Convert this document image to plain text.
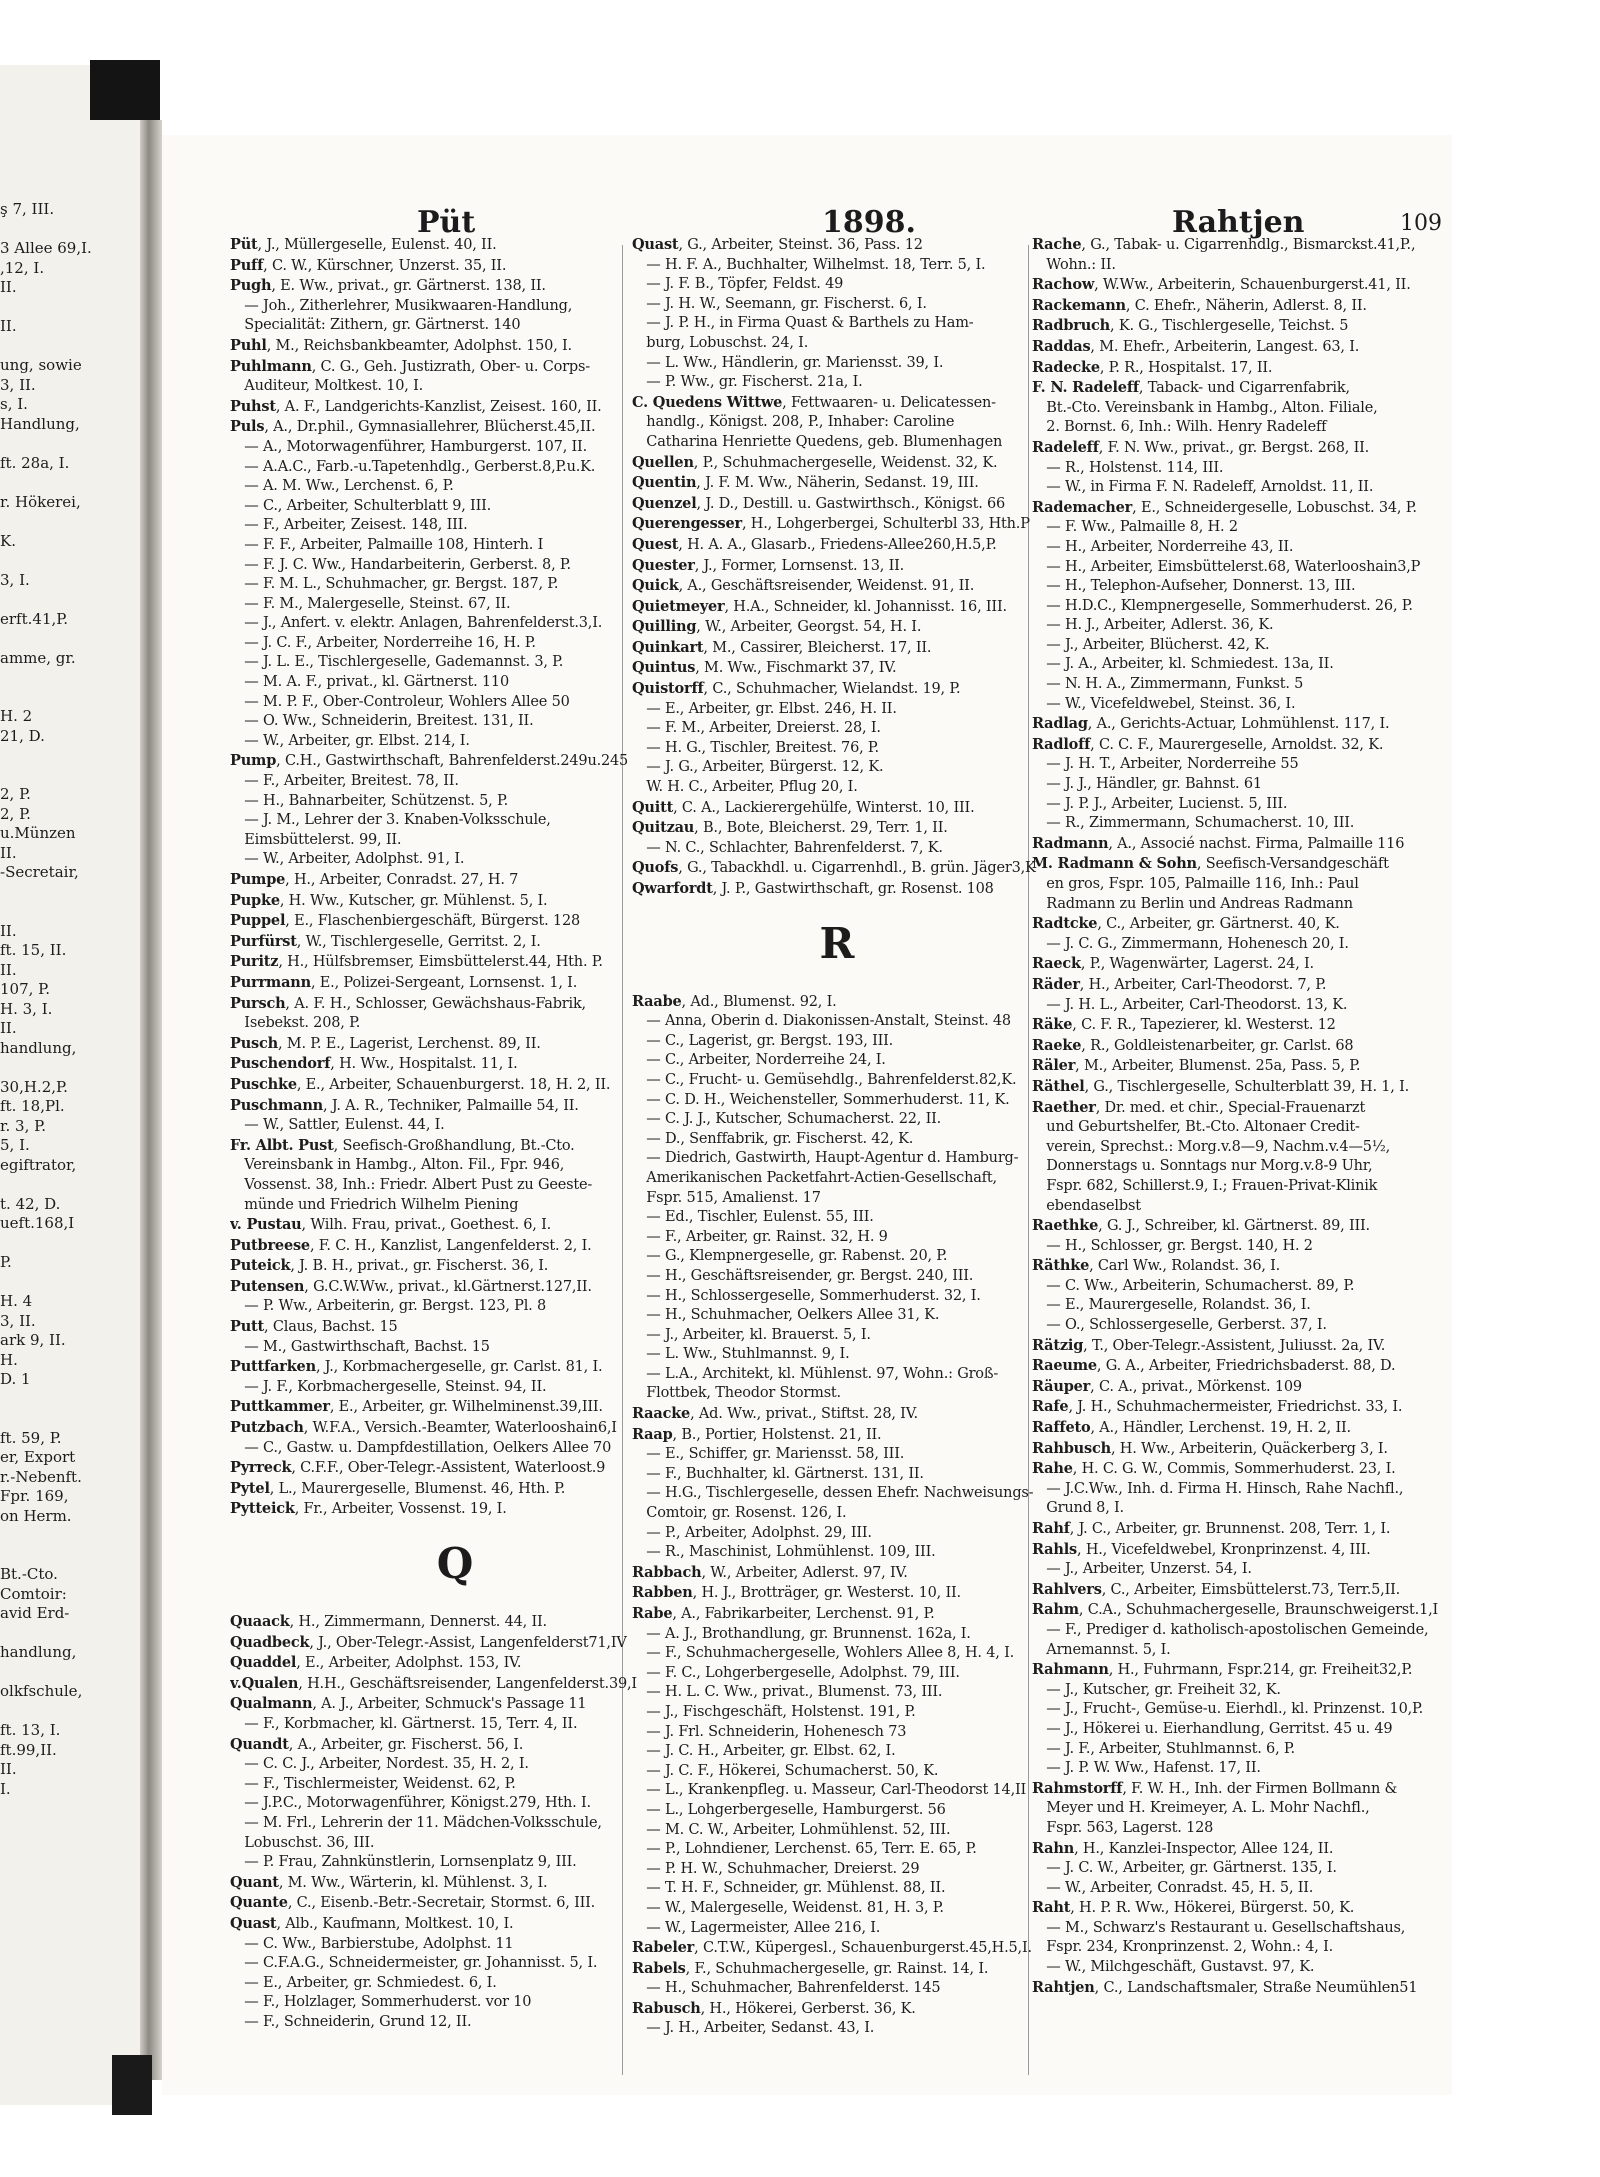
ş 7, III.

3 Allee 69,I.
,12, I.
II.

II.

ung, sowie
3, II.
s, I.
Handlung,

ft. 28a, I.

r. Hökerei,

K.

3, I.

erft.41,P.

amme, gr.

H. 2
21, D.

2, P.
2, P.
u.Münzen
II.
-Secretair,

II.
ft. 15, II.
II.
107, P.
H. 3, I.
II.
handlung,

30,H.2,P.
ft. 18,Pl.
r. 3, P.
5, I.
egiftrator,

t. 42, D.
ueft.168,I

P.

H. 4
3, II.
ark 9, II.
H.
D. 1

ft. 59, P.
er, Export
r.-Nebenft.
Fpr. 169,
on Herm.

Bt.-Cto.
Comtoir:
avid Erd-

handlung,

olkfschule,

ft. 13, I.
ft.99,II.
II.
I.
Püt	1898.	Rahtjen	109
Püt, J., Müllergeselle, Eulenst. 40, II.
Puff, C. W., Kürschner, Unzerst. 35, II.
Pugh, E. Ww., privat., gr. Gärtnerst. 138, II.
 — Joh., Zitherlehrer, Musikwaaren-Handlung,
 Specialität: Zithern, gr. Gärtnerst. 140
Puhl, M., Reichsbankbeamter, Adolphst. 150, I.
Puhlmann, C. G., Geh. Justizrath, Ober- u. Corps-
 Auditeur, Moltkest. 10, I.
Puhst, A. F., Landgerichts-Kanzlist, Zeisest. 160, II.
Puls, A., Dr.phil., Gymnasiallehrer, Blücherst.45,II.
 — A., Motorwagenführer, Hamburgerst. 107, II.
 — A.A.C., Farb.-u.Tapetenhdlg., Gerberst.8,P.u.K.
 — A. M. Ww., Lerchenst. 6, P.
 — C., Arbeiter, Schulterblatt 9, III.
 — F., Arbeiter, Zeisest. 148, III.
 — F. F., Arbeiter, Palmaille 108, Hinterh. I
 — F. J. C. Ww., Handarbeiterin, Gerberst. 8, P.
 — F. M. L., Schuhmacher, gr. Bergst. 187, P.
 — F. M., Malergeselle, Steinst. 67, II.
 — J., Anfert. v. elektr. Anlagen, Bahrenfelderst.3,I.
 — J. C. F., Arbeiter, Norderreihe 16, H. P.
 — J. L. E., Tischlergeselle, Gademannst. 3, P.
 — M. A. F., privat., kl. Gärtnerst. 110
 — M. P. F., Ober-Controleur, Wohlers Allee 50
 — O. Ww., Schneiderin, Breitest. 131, II.
 — W., Arbeiter, gr. Elbst. 214, I.
Pump, C.H., Gastwirthschaft, Bahrenfelderst.249u.245
 — F., Arbeiter, Breitest. 78, II.
 — H., Bahnarbeiter, Schützenst. 5, P.
 — J. M., Lehrer der 3. Knaben-Volksschule,
 Eimsbüttelerst. 99, II.
 — W., Arbeiter, Adolphst. 91, I.
Pumpe, H., Arbeiter, Conradst. 27, H. 7
Pupke, H. Ww., Kutscher, gr. Mühlenst. 5, I.
Puppel, E., Flaschenbiergeschäft, Bürgerst. 128
Purfürst, W., Tischlergeselle, Gerritst. 2, I.
Puritz, H., Hülfsbremser, Eimsbüttelerst.44, Hth. P.
Purrmann, E., Polizei-Sergeant, Lornsenst. 1, I.
Pursch, A. F. H., Schlosser, Gewächshaus-Fabrik,
 Isebekst. 208, P.
Pusch, M. P. E., Lagerist, Lerchenst. 89, II.
Puschendorf, H. Ww., Hospitalst. 11, I.
Puschke, E., Arbeiter, Schauenburgerst. 18, H. 2, II.
Puschmann, J. A. R., Techniker, Palmaille 54, II.
 — W., Sattler, Eulenst. 44, I.
Fr. Albt. Pust, Seefisch-Großhandlung, Bt.-Cto.
 Vereinsbank in Hambg., Alton. Fil., Fpr. 946,
 Vossenst. 38, Inh.: Friedr. Albert Pust zu Geeste-
 münde und Friedrich Wilhelm Piening
v. Pustau, Wilh. Frau, privat., Goethest. 6, I.
Putbreese, F. C. H., Kanzlist, Langenfelderst. 2, I.
Puteick, J. B. H., privat., gr. Fischerst. 36, I.
Putensen, G.C.W.Ww., privat., kl.Gärtnerst.127,II.
 — P. Ww., Arbeiterin, gr. Bergst. 123, Pl. 8
Putt, Claus, Bachst. 15
 — M., Gastwirthschaft, Bachst. 15
Puttfarken, J., Korbmachergeselle, gr. Carlst. 81, I.
 — J. F., Korbmachergeselle, Steinst. 94, II.
Puttkammer, E., Arbeiter, gr. Wilhelminenst.39,III.
Putzbach, W.F.A., Versich.-Beamter, Waterlooshain6,I
 — C., Gastw. u. Dampfdestillation, Oelkers Allee 70
Pyrreck, C.F.F., Ober-Telegr.-Assistent, Waterloost.9
Pytel, L., Maurergeselle, Blumenst. 46, Hth. P.
Pytteick, Fr., Arbeiter, Vossenst. 19, I.
Q
Quaack, H., Zimmermann, Dennerst. 44, II.
Quadbeck, J., Ober-Telegr.-Assist, Langenfelderst71,IV
Quaddel, E., Arbeiter, Adolphst. 153, IV.
v.Qualen, H.H., Geschäftsreisender, Langenfelderst.39,I
Qualmann, A. J., Arbeiter, Schmuck's Passage 11
 — F., Korbmacher, kl. Gärtnerst. 15, Terr. 4, II.
Quandt, A., Arbeiter, gr. Fischerst. 56, I.
 — C. C. J., Arbeiter, Nordest. 35, H. 2, I.
 — F., Tischlermeister, Weidenst. 62, P.
 — J.P.C., Motorwagenführer, Königst.279, Hth. I.
 — M. Frl., Lehrerin der 11. Mädchen-Volksschule,
 Lobuschst. 36, III.
 — P. Frau, Zahnkünstlerin, Lornsenplatz 9, III.
Quant, M. Ww., Wärterin, kl. Mühlenst. 3, I.
Quante, C., Eisenb.-Betr.-Secretair, Stormst. 6, III.
Quast, Alb., Kaufmann, Moltkest. 10, I.
 — C. Ww., Barbierstube, Adolphst. 11
 — C.F.A.G., Schneidermeister, gr. Johannisst. 5, I.
 — E., Arbeiter, gr. Schmiedest. 6, I.
 — F., Holzlager, Sommerhuderst. vor 10
 — F., Schneiderin, Grund 12, II.
Quast, G., Arbeiter, Steinst. 36, Pass. 12
 — H. F. A., Buchhalter, Wilhelmst. 18, Terr. 5, I.
 — J. F. B., Töpfer, Feldst. 49
 — J. H. W., Seemann, gr. Fischerst. 6, I.
 — J. P. H., in Firma Quast & Barthels zu Ham-
 burg, Lobuschst. 24, I.
 — L. Ww., Händlerin, gr. Mariensst. 39, I.
 — P. Ww., gr. Fischerst. 21a, I.
C. Quedens Wittwe, Fettwaaren- u. Delicatessen-
 handlg., Königst. 208, P., Inhaber: Caroline
 Catharina Henriette Quedens, geb. Blumenhagen
Quellen, P., Schuhmachergeselle, Weidenst. 32, K.
Quentin, J. F. M. Ww., Näherin, Sedanst. 19, III.
Quenzel, J. D., Destill. u. Gastwirthsch., Königst. 66
Querengesser, H., Lohgerbergei, Schulterbl 33, Hth.P
Quest, H. A. A., Glasarb., Friedens-Allee260,H.5,P.
Quester, J., Former, Lornsenst. 13, II.
Quick, A., Geschäftsreisender, Weidenst. 91, II.
Quietmeyer, H.A., Schneider, kl. Johannisst. 16, III.
Quilling, W., Arbeiter, Georgst. 54, H. I.
Quinkart, M., Cassirer, Bleicherst. 17, II.
Quintus, M. Ww., Fischmarkt 37, IV.
Quistorff, C., Schuhmacher, Wielandst. 19, P.
 — E., Arbeiter, gr. Elbst. 246, H. II.
 — F. M., Arbeiter, Dreierst. 28, I.
 — H. G., Tischler, Breitest. 76, P.
 — J. G., Arbeiter, Bürgerst. 12, K.
 W. H. C., Arbeiter, Pflug 20, I.
Quitt, C. A., Lackierergehülfe, Winterst. 10, III.
Quitzau, B., Bote, Bleicherst. 29, Terr. 1, II.
 — N. C., Schlachter, Bahrenfelderst. 7, K.
Quofs, G., Tabackhdl. u. Cigarrenhdl., B. grün. Jäger3,K
Qwarfordt, J. P., Gastwirthschaft, gr. Rosenst. 108
R
Raabe, Ad., Blumenst. 92, I.
 — Anna, Oberin d. Diakonissen-Anstalt, Steinst. 48
 — C., Lagerist, gr. Bergst. 193, III.
 — C., Arbeiter, Norderreihe 24, I.
 — C., Frucht- u. Gemüsehdlg., Bahrenfelderst.82,K.
 — C. D. H., Weichensteller, Sommerhuderst. 11, K.
 — C. J. J., Kutscher, Schumacherst. 22, II.
 — D., Senffabrik, gr. Fischerst. 42, K.
 — Diedrich, Gastwirth, Haupt-Agentur d. Hamburg-
 Amerikanischen Packetfahrt-Actien-Gesellschaft,
 Fspr. 515, Amalienst. 17
 — Ed., Tischler, Eulenst. 55, III.
 — F., Arbeiter, gr. Rainst. 32, H. 9
 — G., Klempnergeselle, gr. Rabenst. 20, P.
 — H., Geschäftsreisender, gr. Bergst. 240, III.
 — H., Schlossergeselle, Sommerhuderst. 32, I.
 — H., Schuhmacher, Oelkers Allee 31, K.
 — J., Arbeiter, kl. Brauerst. 5, I.
 — L. Ww., Stuhlmannst. 9, I.
 — L.A., Architekt, kl. Mühlenst. 97, Wohn.: Groß-
 Flottbek, Theodor Stormst.
Raacke, Ad. Ww., privat., Stiftst. 28, IV.
Raap, B., Portier, Holstenst. 21, II.
 — E., Schiffer, gr. Mariensst. 58, III.
 — F., Buchhalter, kl. Gärtnerst. 131, II.
 — H.G., Tischlergeselle, dessen Ehefr. Nachweisungs-
 Comtoir, gr. Rosenst. 126, I.
 — P., Arbeiter, Adolphst. 29, III.
 — R., Maschinist, Lohmühlenst. 109, III.
Rabbach, W., Arbeiter, Adlerst. 97, IV.
Rabben, H. J., Brotträger, gr. Westerst. 10, II.
Rabe, A., Fabrikarbeiter, Lerchenst. 91, P.
 — A. J., Brothandlung, gr. Brunnenst. 162a, I.
 — F., Schuhmachergeselle, Wohlers Allee 8, H. 4, I.
 — F. C., Lohgerbergeselle, Adolphst. 79, III.
 — H. L. C. Ww., privat., Blumenst. 73, III.
 — J., Fischgeschäft, Holstenst. 191, P.
 — J. Frl. Schneiderin, Hohenesch 73
 — J. C. H., Arbeiter, gr. Elbst. 62, I.
 — J. C. F., Hökerei, Schumacherst. 50, K.
 — L., Krankenpfleg. u. Masseur, Carl-Theodorst 14,II
 — L., Lohgerbergeselle, Hamburgerst. 56
 — M. C. W., Arbeiter, Lohmühlenst. 52, III.
 — P., Lohndiener, Lerchenst. 65, Terr. E. 65, P.
 — P. H. W., Schuhmacher, Dreierst. 29
 — T. H. F., Schneider, gr. Mühlenst. 88, II.
 — W., Malergeselle, Weidenst. 81, H. 3, P.
 — W., Lagermeister, Allee 216, I.
Rabeler, C.T.W., Küpergesl., Schauenburgerst.45,H.5,I.
Rabels, F., Schuhmachergeselle, gr. Rainst. 14, I.
 — H., Schuhmacher, Bahrenfelderst. 145
Rabusch, H., Hökerei, Gerberst. 36, K.
 — J. H., Arbeiter, Sedanst. 43, I.
Rache, G., Tabak- u. Cigarrenhdlg., Bismarckst.41,P.,
 Wohn.: II.
Rachow, W.Ww., Arbeiterin, Schauenburgerst.41, II.
Rackemann, C. Ehefr., Näherin, Adlerst. 8, II.
Radbruch, K. G., Tischlergeselle, Teichst. 5
Raddas, M. Ehefr., Arbeiterin, Langest. 63, I.
Radecke, P. R., Hospitalst. 17, II.
F. N. Radeleff, Taback- und Cigarrenfabrik,
 Bt.-Cto. Vereinsbank in Hambg., Alton. Filiale,
 2. Bornst. 6, Inh.: Wilh. Henry Radeleff
Radeleff, F. N. Ww., privat., gr. Bergst. 268, II.
 — R., Holstenst. 114, III.
 — W., in Firma F. N. Radeleff, Arnoldst. 11, II.
Rademacher, E., Schneidergeselle, Lobuschst. 34, P.
 — F. Ww., Palmaille 8, H. 2
 — H., Arbeiter, Norderreihe 43, II.
 — H., Arbeiter, Eimsbüttelerst.68, Waterlooshain3,P
 — H., Telephon-Aufseher, Donnerst. 13, III.
 — H.D.C., Klempnergeselle, Sommerhuderst. 26, P.
 — H. J., Arbeiter, Adlerst. 36, K.
 — J., Arbeiter, Blücherst. 42, K.
 — J. A., Arbeiter, kl. Schmiedest. 13a, II.
 — N. H. A., Zimmermann, Funkst. 5
 — W., Vicefeldwebel, Steinst. 36, I.
Radlag, A., Gerichts-Actuar, Lohmühlenst. 117, I.
Radloff, C. C. F., Maurergeselle, Arnoldst. 32, K.
 — J. H. T., Arbeiter, Norderreihe 55
 — J. J., Händler, gr. Bahnst. 61
 — J. P. J., Arbeiter, Lucienst. 5, III.
 — R., Zimmermann, Schumacherst. 10, III.
Radmann, A., Associé nachst. Firma, Palmaille 116
M. Radmann & Sohn, Seefisch-Versandgeschäft
 en gros, Fspr. 105, Palmaille 116, Inh.: Paul
 Radmann zu Berlin und Andreas Radmann
Radtcke, C., Arbeiter, gr. Gärtnerst. 40, K.
 — J. C. G., Zimmermann, Hohenesch 20, I.
Raeck, P., Wagenwärter, Lagerst. 24, I.
Räder, H., Arbeiter, Carl-Theodorst. 7, P.
 — J. H. L., Arbeiter, Carl-Theodorst. 13, K.
Räke, C. F. R., Tapezierer, kl. Westerst. 12
Raeke, R., Goldleistenarbeiter, gr. Carlst. 68
Räler, M., Arbeiter, Blumenst. 25a, Pass. 5, P.
Räthel, G., Tischlergeselle, Schulterblatt 39, H. 1, I.
Raether, Dr. med. et chir., Special-Frauenarzt
 und Geburtshelfer, Bt.-Cto. Altonaer Credit-
 verein, Sprechst.: Morg.v.8—9, Nachm.v.4—5½,
 Donnerstags u. Sonntags nur Morg.v.8-9 Uhr,
 Fspr. 682, Schillerst.9, I.; Frauen-Privat-Klinik
 ebendaselbst
Raethke, G. J., Schreiber, kl. Gärtnerst. 89, III.
 — H., Schlosser, gr. Bergst. 140, H. 2
Räthke, Carl Ww., Rolandst. 36, I.
 — C. Ww., Arbeiterin, Schumacherst. 89, P.
 — E., Maurergeselle, Rolandst. 36, I.
 — O., Schlossergeselle, Gerberst. 37, I.
Rätzig, T., Ober-Telegr.-Assistent, Juliusst. 2a, IV.
Raeume, G. A., Arbeiter, Friedrichsbaderst. 88, D.
Räuper, C. A., privat., Mörkenst. 109
Rafe, J. H., Schuhmachermeister, Friedrichst. 33, I.
Raffeto, A., Händler, Lerchenst. 19, H. 2, II.
Rahbusch, H. Ww., Arbeiterin, Quäckerberg 3, I.
Rahe, H. C. G. W., Commis, Sommerhuderst. 23, I.
 — J.C.Ww., Inh. d. Firma H. Hinsch, Rahe Nachfl.,
 Grund 8, I.
Rahf, J. C., Arbeiter, gr. Brunnenst. 208, Terr. 1, I.
Rahls, H., Vicefeldwebel, Kronprinzenst. 4, III.
 — J., Arbeiter, Unzerst. 54, I.
Rahlvers, C., Arbeiter, Eimsbüttelerst.73, Terr.5,II.
Rahm, C.A., Schuhmachergeselle, Braunschweigerst.1,I
 — F., Prediger d. katholisch-apostolischen Gemeinde,
 Arnemannst. 5, I.
Rahmann, H., Fuhrmann, Fspr.214, gr. Freiheit32,P.
 — J., Kutscher, gr. Freiheit 32, K.
 — J., Frucht-, Gemüse-u. Eierhdl., kl. Prinzenst. 10,P.
 — J., Hökerei u. Eierhandlung, Gerritst. 45 u. 49
 — J. F., Arbeiter, Stuhlmannst. 6, P.
 — J. P. W. Ww., Hafenst. 17, II.
Rahmstorff, F. W. H., Inh. der Firmen Bollmann &
 Meyer und H. Kreimeyer, A. L. Mohr Nachfl.,
 Fspr. 563, Lagerst. 128
Rahn, H., Kanzlei-Inspector, Allee 124, II.
 — J. C. W., Arbeiter, gr. Gärtnerst. 135, I.
 — W., Arbeiter, Conradst. 45, H. 5, II.
Raht, H. P. R. Ww., Hökerei, Bürgerst. 50, K.
 — M., Schwarz's Restaurant u. Gesellschaftshaus,
 Fspr. 234, Kronprinzenst. 2, Wohn.: 4, I.
 — W., Milchgeschäft, Gustavst. 97, K.
Rahtjen, C., Landschaftsmaler, Straße Neumühlen51
